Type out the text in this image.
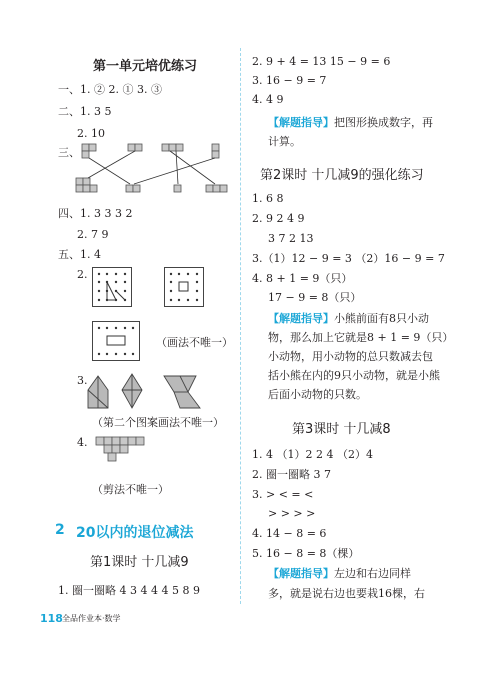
第一单元培优练习
一、1. ② 2. ① 3. ③
二、1. 3 5
2. 10
三、
四、1. 3 3 3 2
2. 7 9
五、1. 4
2.
（画法不唯一）
3.
（第二个图案画法不唯一）
4.
（剪法不唯一）
2 20以内的退位减法
第1课时 十几减9
1. 圈一圈略 4 3 4 4 4 5 8 9
2. 9 + 4 = 13 15 − 9 = 6
3. 16 − 9 = 7
4. 4 9
【解题指导】把图形换成数字，再
计算。
第2课时 十几减9的强化练习
1. 6 8
2. 9 2 4 9
3 7 2 13
3.（1）12 − 9 = 3 （2）16 − 9 = 7
4. 8 + 1 = 9（只）
17 − 9 = 8（只）
【解题指导】小熊前面有8只小动
物，那么加上它就是8 + 1 = 9（只）
小动物，用小动物的总只数减去包
括小熊在内的9只小动物，就是小熊
后面小动物的只数。
第3课时 十几减8
1. 4 （1）2 2 4 （2）4
2. 圈一圈略 3 7
3. > < = <
> > > >
4. 14 − 8 = 6
5. 16 − 8 = 8（棵）
【解题指导】左边和右边同样
多，就是说右边也要栽16棵，右
118 全品作业本·数学
